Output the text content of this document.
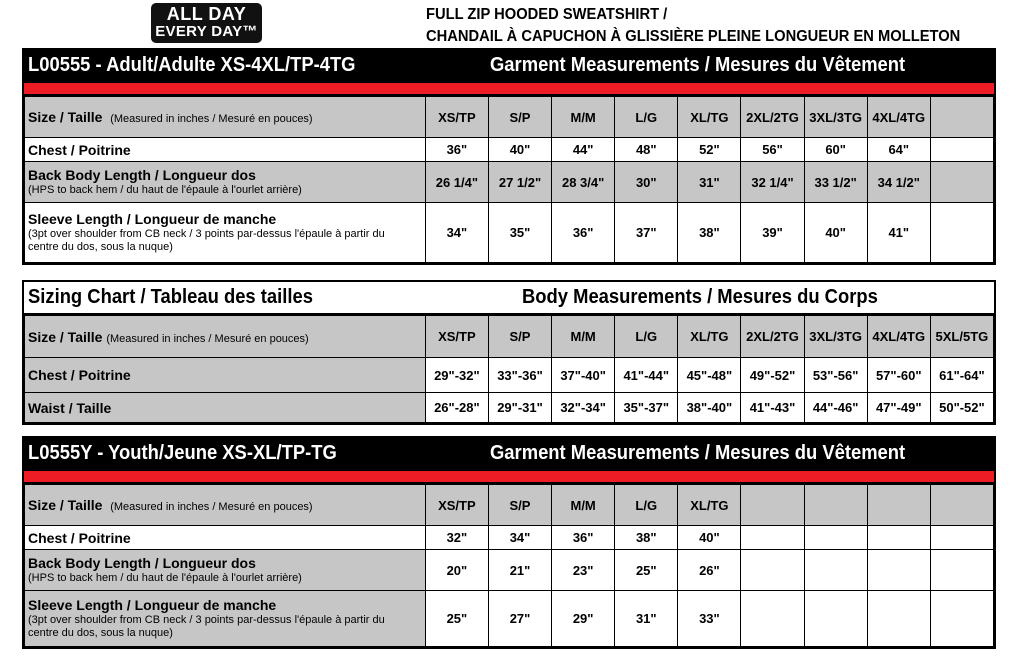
ALL DAY
EVERY DAY™
FULL ZIP HOODED SWEATSHIRT /
CHANDAIL À CAPUCHON À GLISSIÈRE PLEINE LONGUEUR EN MOLLETON
L00555 - Adult/Adulte XS-4XL/TP-4TG	Garment Measurements / Mesures du Vêtement
Size / Taille (Measured in inches / Mesuré en pouces)	XS/TP	S/P	M/M	L/G	XL/TG	2XL/2TG	3XL/3TG	4XL/4TG	
Chest / Poitrine	36"	40"	44"	48"	52"	56"	60"	64"	

Back Body Length / Longueur dos
(HPS to back hem / du haut de l'épaule à l'ourlet arrière)	26 1/4"	27 1/2"	28 3/4"	30"	31"	32 1/4"	33 1/2"	34 1/2"	

Sleeve Length / Longueur de manche
(3pt over shoulder from CB neck / 3 points par-dessus l'épaule à partir du
centre du dos, sous la nuque)	34"	35"	36"	37"	38"	39"	40"	41"	
Sizing Chart / Tableau des tailles	Body Measurements / Mesures du Corps
Size / Taille (Measured in inches / Mesuré en pouces)	XS/TP	S/P	M/M	L/G	XL/TG	2XL/2TG	3XL/3TG	4XL/4TG	5XL/5TG
Chest / Poitrine	29"-32"	33"-36"	37"-40"	41"-44"	45"-48"	49"-52"	53"-56"	57"-60"	61"-64"
Waist / Taille	26"-28"	29"-31"	32"-34"	35"-37"	38"-40"	41"-43"	44"-46"	47"-49"	50"-52"
L0555Y - Youth/Jeune XS-XL/TP-TG	Garment Measurements / Mesures du Vêtement
Size / Taille (Measured in inches / Mesuré en pouces)	XS/TP	S/P	M/M	L/G	XL/TG				
Chest / Poitrine	32"	34"	36"	38"	40"				

Back Body Length / Longueur dos
(HPS to back hem / du haut de l'épaule à l'ourlet arrière)	20"	21"	23"	25"	26"				

Sleeve Length / Longueur de manche
(3pt over shoulder from CB neck / 3 points par-dessus l'épaule à partir du
centre du dos, sous la nuque)	25"	27"	29"	31"	33"				
